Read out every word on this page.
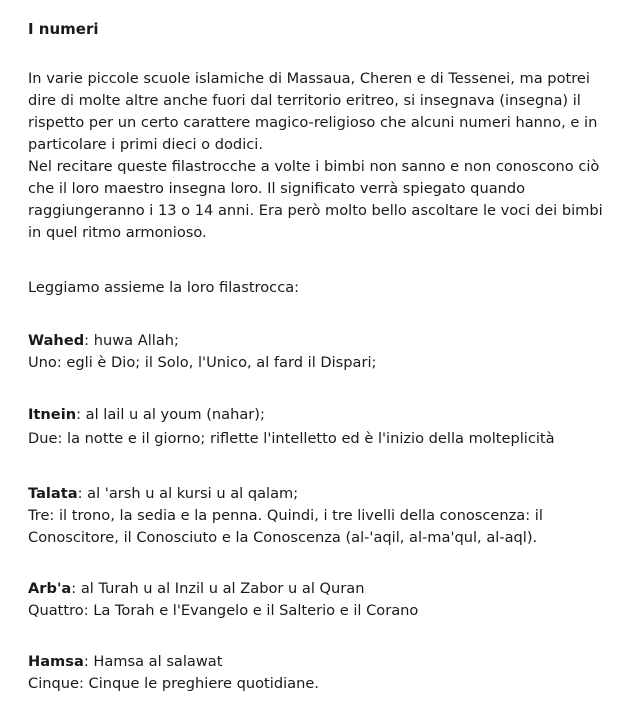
I numeri

In varie piccole scuole islamiche di Massaua, Cheren e di Tessenei, ma potrei dire di molte altre anche fuori dal territorio eritreo, si insegnava (insegna) il rispetto per un certo carattere magico-religioso che alcuni numeri hanno, e in particolare i primi dieci o dodici.

Nel recitare queste filastrocche a volte i bimbi non sanno e non conoscono ciò che il loro maestro insegna loro. Il significato verrà spiegato quando raggiungeranno i 13 o 14 anni. Era però molto bello ascoltare le voci dei bimbi in quel ritmo armonioso.

Leggiamo assieme la loro filastrocca:

Wahed: huwa Allah;
Uno: egli è Dio; il Solo, l'Unico, al fard il Dispari;
Itnein: al lail u al youm (nahar);
Due: la notte e il giorno; riflette l'intelletto ed è l'inizio della molteplicità
Talata: al 'arsh u al kursi u al qalam;
Tre: il trono, la sedia e la penna. Quindi, i tre livelli della conoscenza: il Conoscitore, il Conosciuto e la Conoscenza (al-'aqil, al-ma'qul, al-aql).
Arb'a: al Turah u al Inzil u al Zabor u al Quran
Quattro: La Torah e l'Evangelo e il Salterio e il Corano
Hamsa: Hamsa al salawat
Cinque: Cinque le preghiere quotidiane.
